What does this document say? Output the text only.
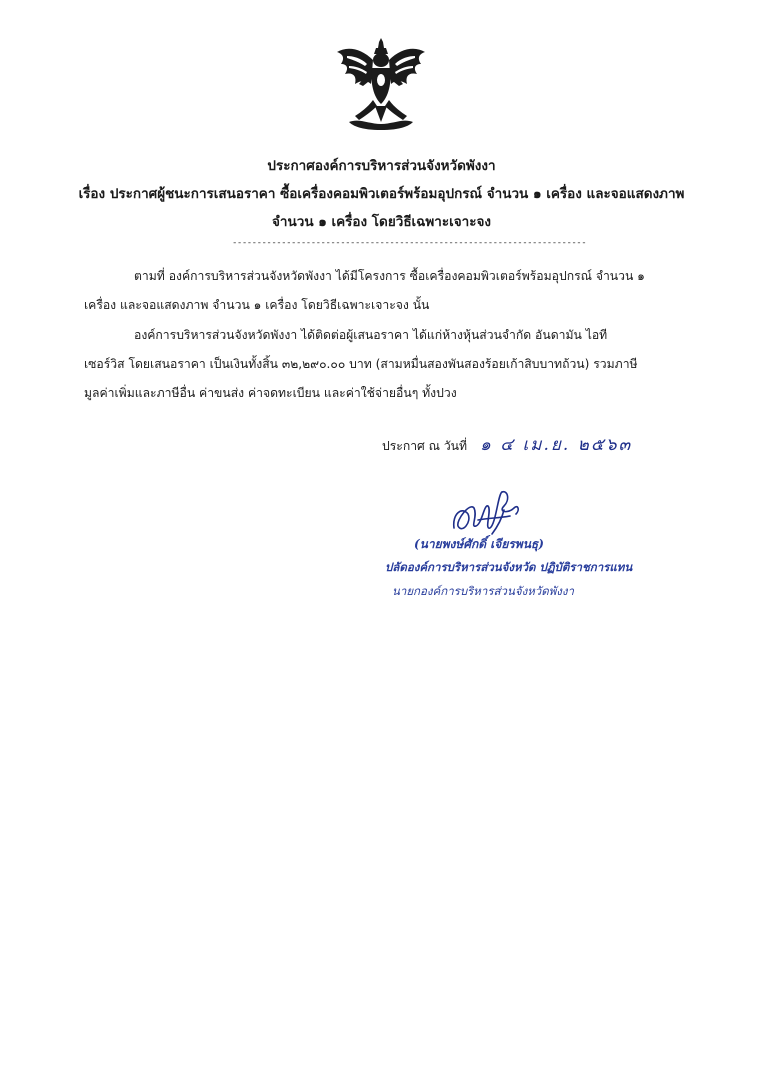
ประกาศองค์การบริหารส่วนจังหวัดพังงา
เรื่อง ประกาศผู้ชนะการเสนอราคา ซื้อเครื่องคอมพิวเตอร์พร้อมอุปกรณ์ จำนวน ๑ เครื่อง และจอแสดงภาพ
จำนวน ๑ เครื่อง โดยวิธีเฉพาะเจาะจง
------------------------------------------------------------------------
ตามที่ องค์การบริหารส่วนจังหวัดพังงา ได้มีโครงการ ซื้อเครื่องคอมพิวเตอร์พร้อมอุปกรณ์ จำนวน ๑
เครื่อง และจอแสดงภาพ จำนวน ๑ เครื่อง โดยวิธีเฉพาะเจาะจง นั้น
องค์การบริหารส่วนจังหวัดพังงา ได้ติดต่อผู้เสนอราคา ได้แก่ห้างหุ้นส่วนจำกัด อันดามัน ไอที
เซอร์วิส โดยเสนอราคา เป็นเงินทั้งสิ้น ๓๒,๒๙๐.๐๐ บาท (สามหมื่นสองพันสองร้อยเก้าสิบบาทถ้วน) รวมภาษี
มูลค่าเพิ่มและภาษีอื่น ค่าขนส่ง ค่าจดทะเบียน และค่าใช้จ่ายอื่นๆ ทั้งปวง
ประกาศ ณ วันที่ ๑ ๔ เม.ย. ๒๕๖๓
(นายพงษ์ศักดิ์ เจียรพนธุ)
ปลัดองค์การบริหารส่วนจังหวัด ปฏิบัติราชการแทน
นายกองค์การบริหารส่วนจังหวัดพังงา
